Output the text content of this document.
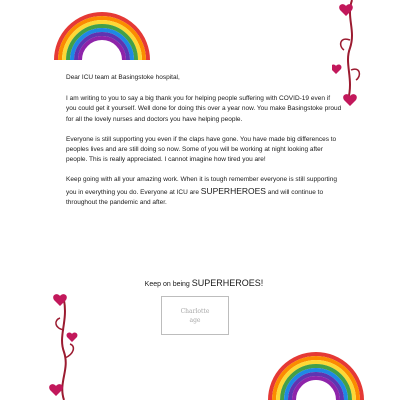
Dear ICU team at Basingstoke hospital,

I am writing to you to say a big thank you for helping people suffering with COVID-19 even if you could get it yourself. Well done for doing this over a year now. You make Basingstoke proud for all the lovely nurses and doctors you have helping people.

Everyone is still supporting you even if the claps have gone. You have made big differences to peoples lives and are still doing so now. Some of you will be working at night looking after people. This is really appreciated. I cannot imagine how tired you are!

Keep going with all your amazing work. When it is tough remember everyone is still supporting you in everything you do. Everyone at ICU are SUPERHEROES and will continue to throughout the pandemic and after.

Keep on being SUPERHEROES!
Charlotte
age
